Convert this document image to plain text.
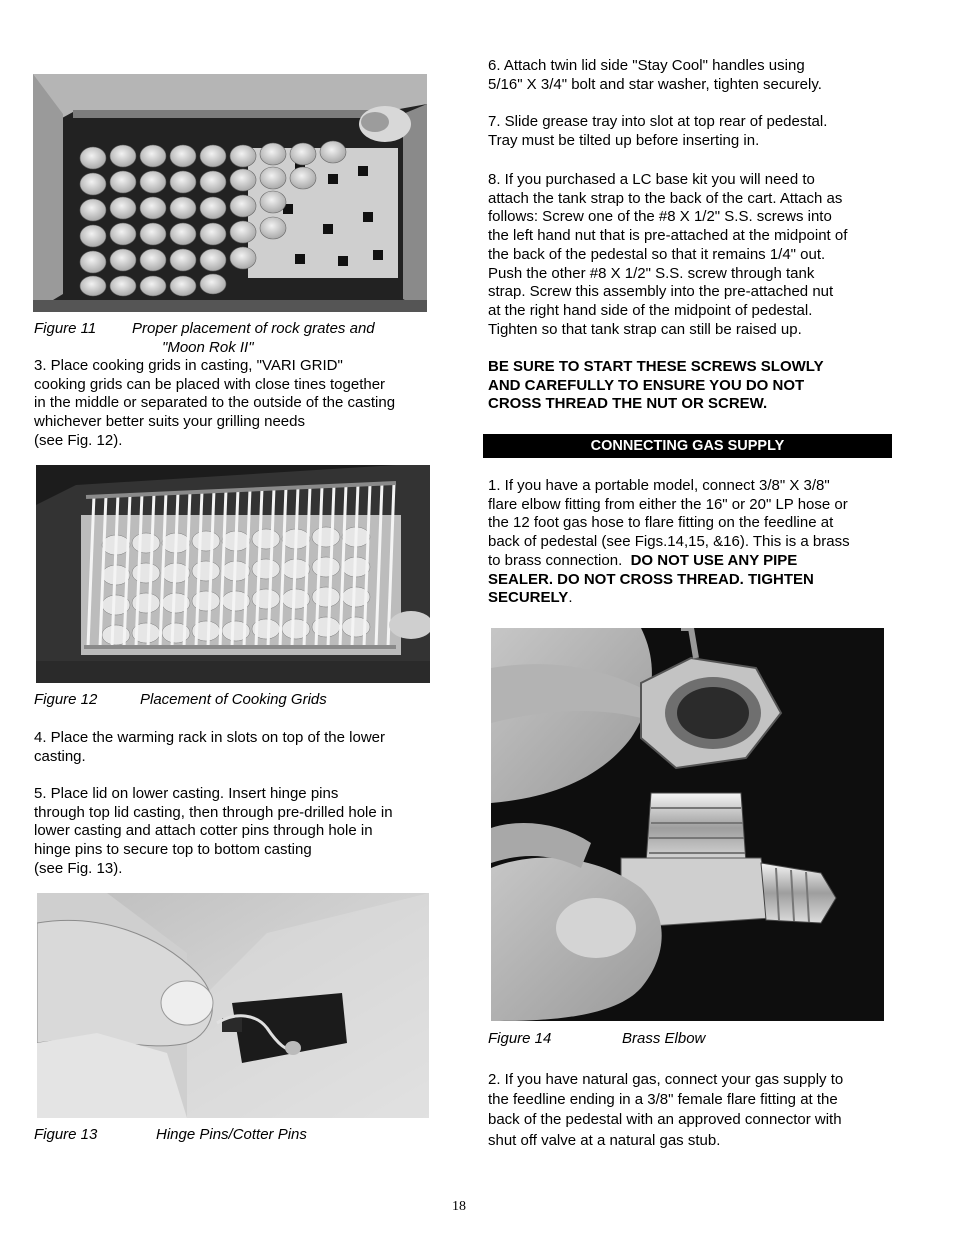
Figure 11 Proper placement of rock grates and
"Moon Rok II"
3. Place cooking grids in casting, "VARI GRID"
cooking grids can be placed with close tines together
in the middle or separated to the outside of the casting
whichever better suits your grilling needs
(see Fig. 12).
Figure 12	Placement of Cooking Grids
4. Place the warming rack in slots on top of the lower
casting.
5. Place lid on lower casting. Insert hinge pins
through top lid casting, then through pre-drilled hole in
lower casting and attach cotter pins through hole in
hinge pins to secure top to bottom casting
(see Fig. 13).
Figure 13	Hinge Pins/Cotter Pins
6. Attach twin lid side "Stay Cool" handles using
5/16" X 3/4" bolt and star washer, tighten securely.
7. Slide grease tray into slot at top rear of pedestal.
Tray must be tilted up before inserting in.
8. If you purchased a LC base kit you will need to
attach the tank strap to the back of the cart. Attach as
follows: Screw one of the #8 X 1/2" S.S. screws into
the left hand nut that is pre-attached at the midpoint of
the back of the pedestal so that it remains 1/4" out.
Push the other #8 X 1/2" S.S. screw through tank
strap. Screw this assembly into the pre-attached nut
at the right hand side of the midpoint of pedestal.
Tighten so that tank strap can still be raised up.
BE SURE TO START THESE SCREWS SLOWLY
AND CAREFULLY TO ENSURE YOU DO NOT
CROSS THREAD THE NUT OR SCREW.
CONNECTING GAS SUPPLY
1. If you have a portable model, connect 3/8" X 3/8"
flare elbow fitting from either the 16" or 20" LP hose or
the 12 foot gas hose to flare fitting on the feedline at
back of pedestal (see Figs.14,15, &16). This is a brass
to brass connection.  DO NOT USE ANY PIPE
SEALER. DO NOT CROSS THREAD. TIGHTEN
SECURELY.
Figure 14	Brass Elbow
2. If you have natural gas, connect your gas supply to
the feedline ending in a 3/8" female flare fitting at the
back of the pedestal with an approved connector with
shut off valve at a natural gas stub.
18
